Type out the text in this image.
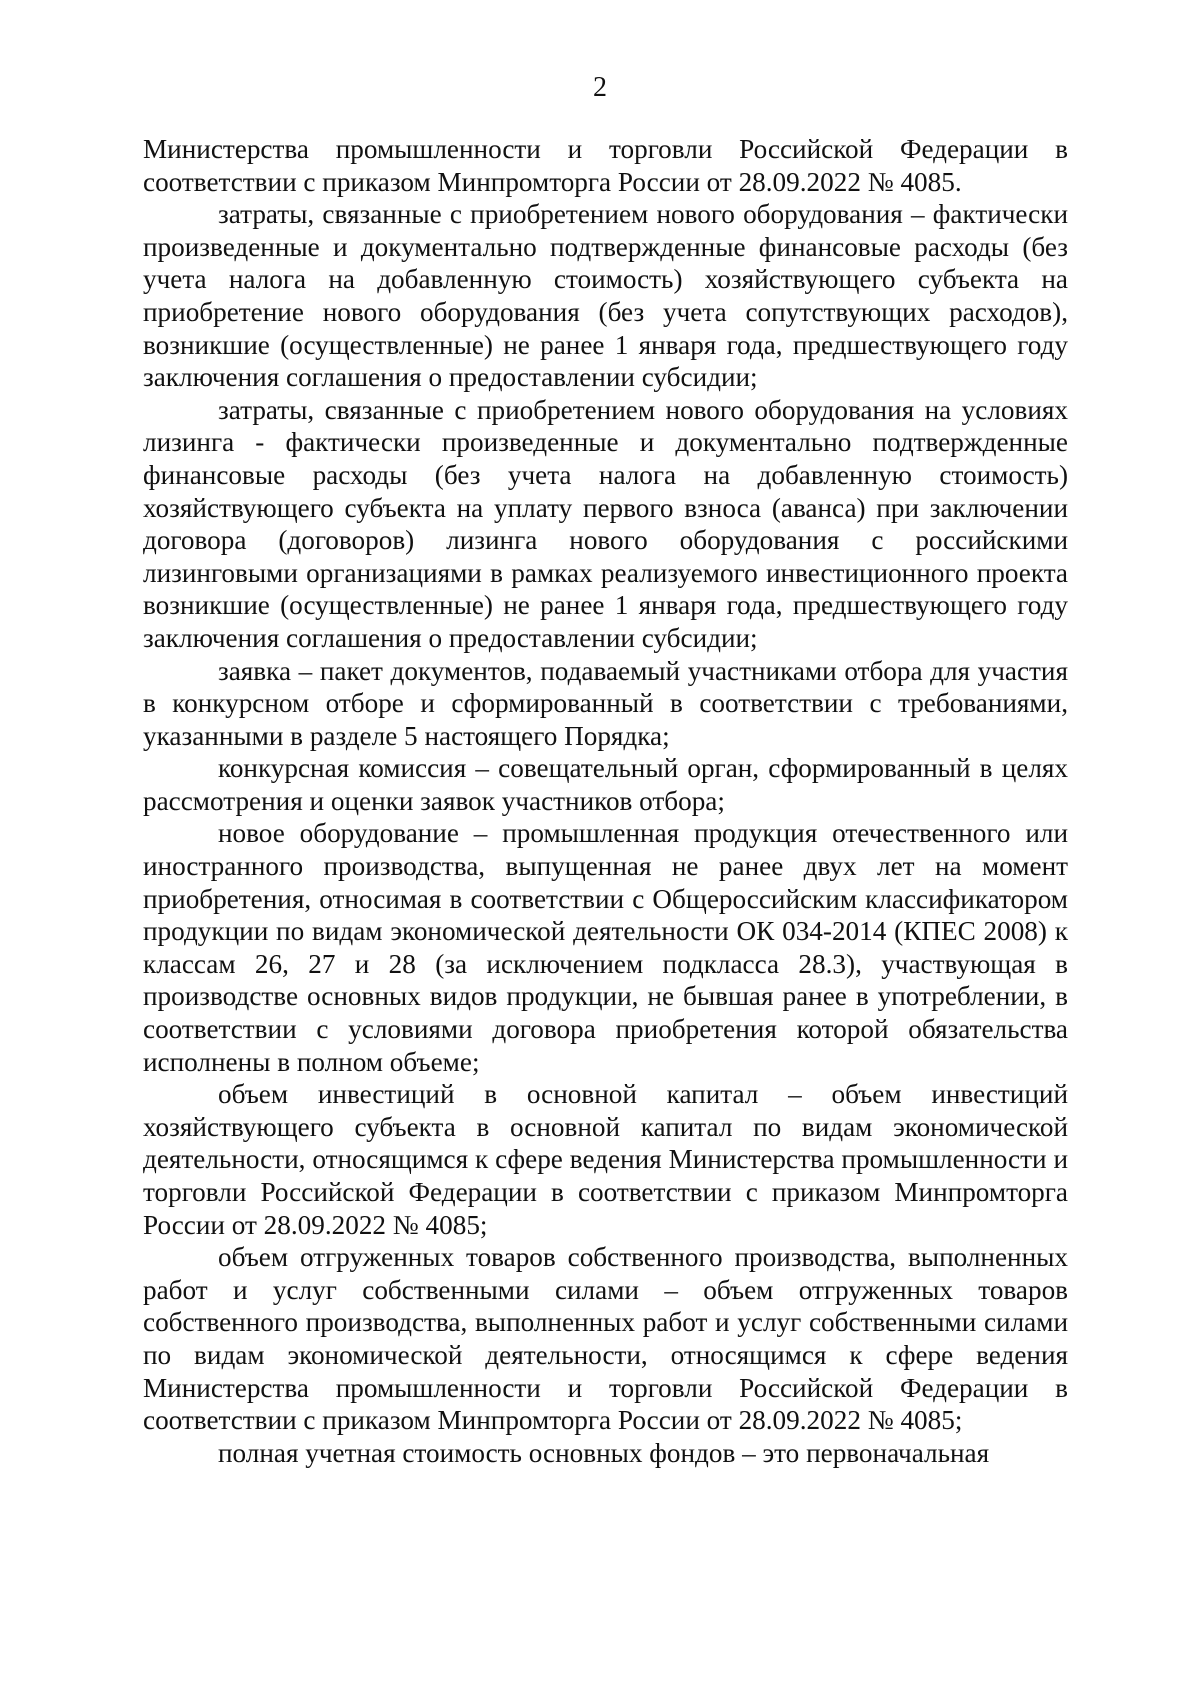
2

Министерства промышленности и торговли Российской Федерации в соответствии с приказом Минпромторга России от 28.09.2022 № 4085.

затраты, связанные с приобретением нового оборудования – фактически произведенные и документально подтвержденные финансовые расходы (без учета налога на добавленную стоимость) хозяйствующего субъекта на приобретение нового оборудования (без учета сопутствующих расходов), возникшие (осуществленные) не ранее 1 января года, предшествующего году заключения соглашения о предоставлении субсидии;

затраты, связанные с приобретением нового оборудования на условиях лизинга - фактически произведенные и документально подтвержденные финансовые расходы (без учета налога на добавленную стоимость) хозяйствующего субъекта на уплату первого взноса (аванса) при заключении договора (договоров) лизинга нового оборудования с российскими лизинговыми организациями в рамках реализуемого инвестиционного проекта возникшие (осуществленные) не ранее 1 января года, предшествующего году заключения соглашения о предоставлении субсидии;

заявка – пакет документов, подаваемый участниками отбора для участия в конкурсном отборе и сформированный в соответствии с требованиями, указанными в разделе 5 настоящего Порядка;

конкурсная комиссия – совещательный орган, сформированный в целях рассмотрения и оценки заявок участников отбора;

новое оборудование – промышленная продукция отечественного или иностранного производства, выпущенная не ранее двух лет на момент приобретения, относимая в соответствии с Общероссийским классификатором продукции по видам экономической деятельности ОК 034-2014 (КПЕС 2008) к классам 26, 27 и 28 (за исключением подкласса 28.3), участвующая в производстве основных видов продукции, не бывшая ранее в употреблении, в соответствии с условиями договора приобретения которой обязательства исполнены в полном объеме;

объем инвестиций в основной капитал – объем инвестиций хозяйствующего субъекта в основной капитал по видам экономической деятельности, относящимся к сфере ведения Министерства промышленности и торговли Российской Федерации в соответствии с приказом Минпромторга России от 28.09.2022 № 4085;

объем отгруженных товаров собственного производства, выполненных работ и услуг собственными силами – объем отгруженных товаров собственного производства, выполненных работ и услуг собственными силами по видам экономической деятельности, относящимся к сфере ведения Министерства промышленности и торговли Российской Федерации в соответствии с приказом Минпромторга России от 28.09.2022 № 4085;

полная учетная стоимость основных фондов – это первоначальная
